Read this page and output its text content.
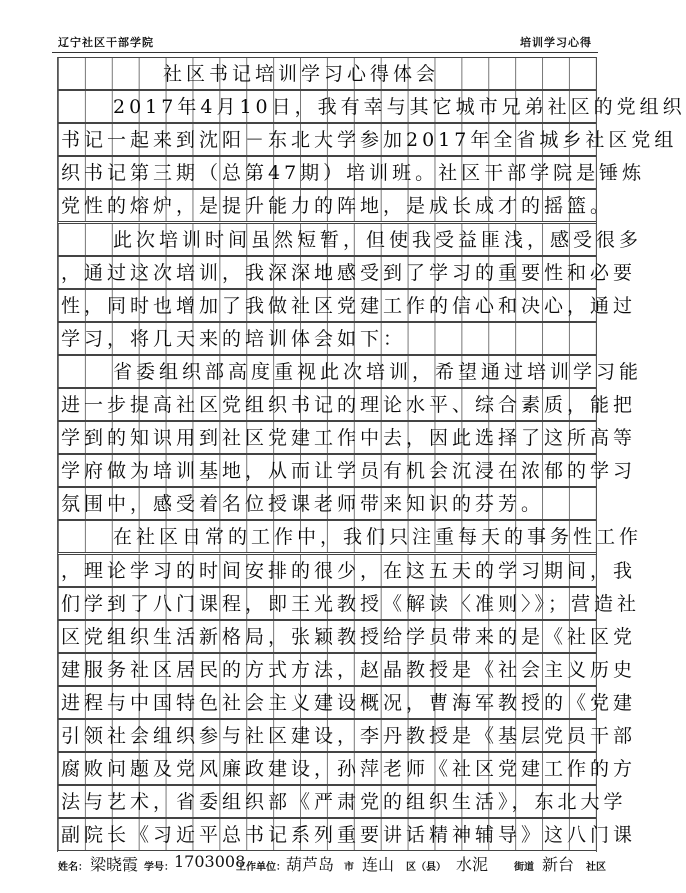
辽宁社区干部学院	培训学习心得
社区书记培训学习心得体会
2017年4月10日，我有幸与其它城市兄弟社区的党组织
书记一起来到沈阳－东北大学参加2017年全省城乡社区党组
织书记第三期（总第47期）培训班。社区干部学院是锤炼
党性的熔炉，是提升能力的阵地，是成长成才的摇篮。
此次培训时间虽然短暂，但使我受益匪浅，感受很多
，通过这次培训，我深深地感受到了学习的重要性和必要
性，同时也增加了我做社区党建工作的信心和决心，通过
学习，将几天来的培训体会如下：
省委组织部高度重视此次培训，希望通过培训学习能
进一步提高社区党组织书记的理论水平、综合素质，能把
学到的知识用到社区党建工作中去，因此选择了这所高等
学府做为培训基地，从而让学员有机会沉浸在浓郁的学习
氛围中，感受着名位授课老师带来知识的芬芳。
在社区日常的工作中，我们只注重每天的事务性工作
，理论学习的时间安排的很少，在这五天的学习期间，我
们学到了八门课程，即王光教授《解读〈准则〉》；营造社
区党组织生活新格局，张颖教授给学员带来的是《社区党
建服务社区居民的方式方法，赵晶教授是《社会主义历史
进程与中国特色社会主义建设概况，曹海军教授的《党建
引领社会组织参与社区建设，李丹教授是《基层党员干部
腐败问题及党风廉政建设，孙萍老师《社区党建工作的方
法与艺术，省委组织部《严肃党的组织生活》，东北大学
副院长《习近平总书记系列重要讲话精神辅导》这八门课
姓名： 梁晓霞 学号： 1703008
工作单位： 葫芦岛 市 连山 区（县） 水泥	街道 新台 社区
